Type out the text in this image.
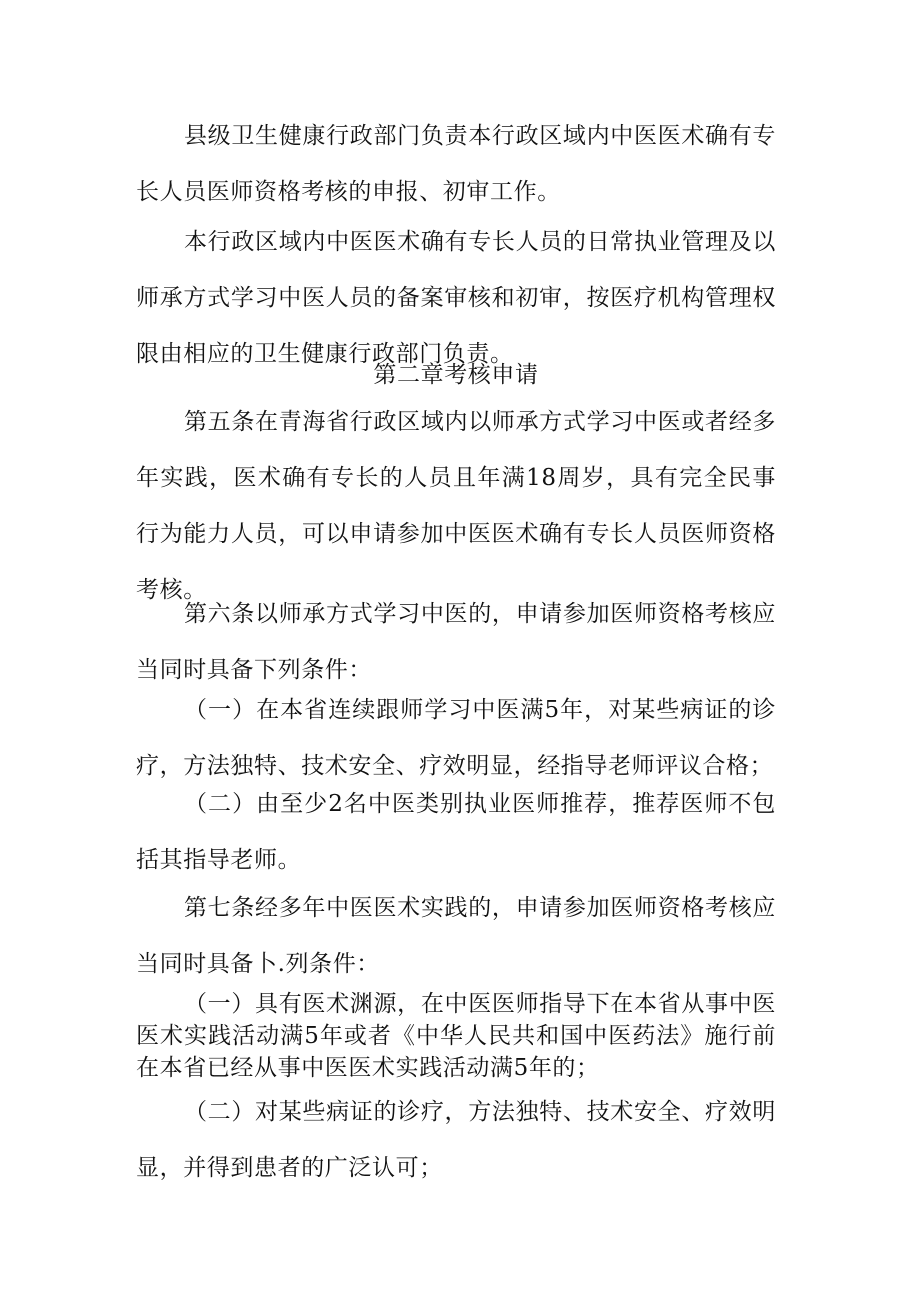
县级卫生健康行政部门负责本行政区域内中医医术确有专长人员医师资格考核的申报、初审工作。

本行政区域内中医医术确有专长人员的日常执业管理及以师承方式学习中医人员的备案审核和初审，按医疗机构管理权限由相应的卫生健康行政部门负责。

第二章考核申请

第五条在青海省行政区域内以师承方式学习中医或者经多年实践，医术确有专长的人员且年满18周岁，具有完全民事行为能力人员，可以申请参加中医医术确有专长人员医师资格考核。

第六条以师承方式学习中医的，申请参加医师资格考核应当同时具备下列条件：

（一）在本省连续跟师学习中医满5年，对某些病证的诊疗，方法独特、技术安全、疗效明显，经指导老师评议合格；

（二）由至少2名中医类别执业医师推荐，推荐医师不包括其指导老师。

第七条经多年中医医术实践的，申请参加医师资格考核应当同时具备卜.列条件：

（一）具有医术渊源，在中医医师指导下在本省从事中医医术实践活动满5年或者《中华人民共和国中医药法》施行前在本省已经从事中医医术实践活动满5年的；

（二）对某些病证的诊疗，方法独特、技术安全、疗效明显，并得到患者的广泛认可；
